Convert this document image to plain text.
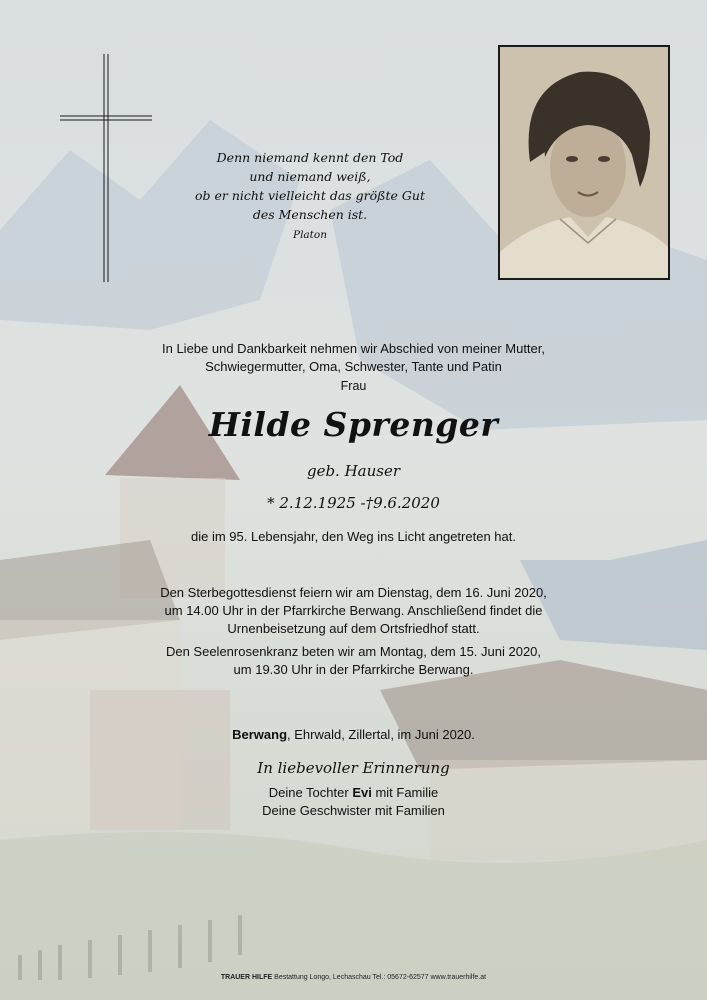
Denn niemand kennt den Tod
und niemand weiß,
ob er nicht vielleicht das größte Gut
des Menschen ist.
Platon
In Liebe und Dankbarkeit nehmen wir Abschied von meiner Mutter,
Schwiegermutter, Oma, Schwester, Tante und Patin
Frau
Hilde Sprenger
geb. Hauser
* 2.12.1925 -†9.6.2020
die im 95. Lebensjahr, den Weg ins Licht angetreten hat.
Den Sterbegottesdienst feiern wir am Dienstag, dem 16. Juni 2020,
um 14.00 Uhr in der Pfarrkirche Berwang. Anschließend findet die
Urnenbeisetzung auf dem Ortsfriedhof statt.
Den Seelenrosenkranz beten wir am Montag, dem 15. Juni 2020,
um 19.30 Uhr in der Pfarrkirche Berwang.
Berwang, Ehrwald, Zillertal, im Juni 2020.
In liebevoller Erinnerung
Deine Tochter Evi mit Familie
Deine Geschwister mit Familien
TRAUER HILFE Bestattung Longo, Lechaschau Tel.: 05672-62577 www.trauerhilfe.at
